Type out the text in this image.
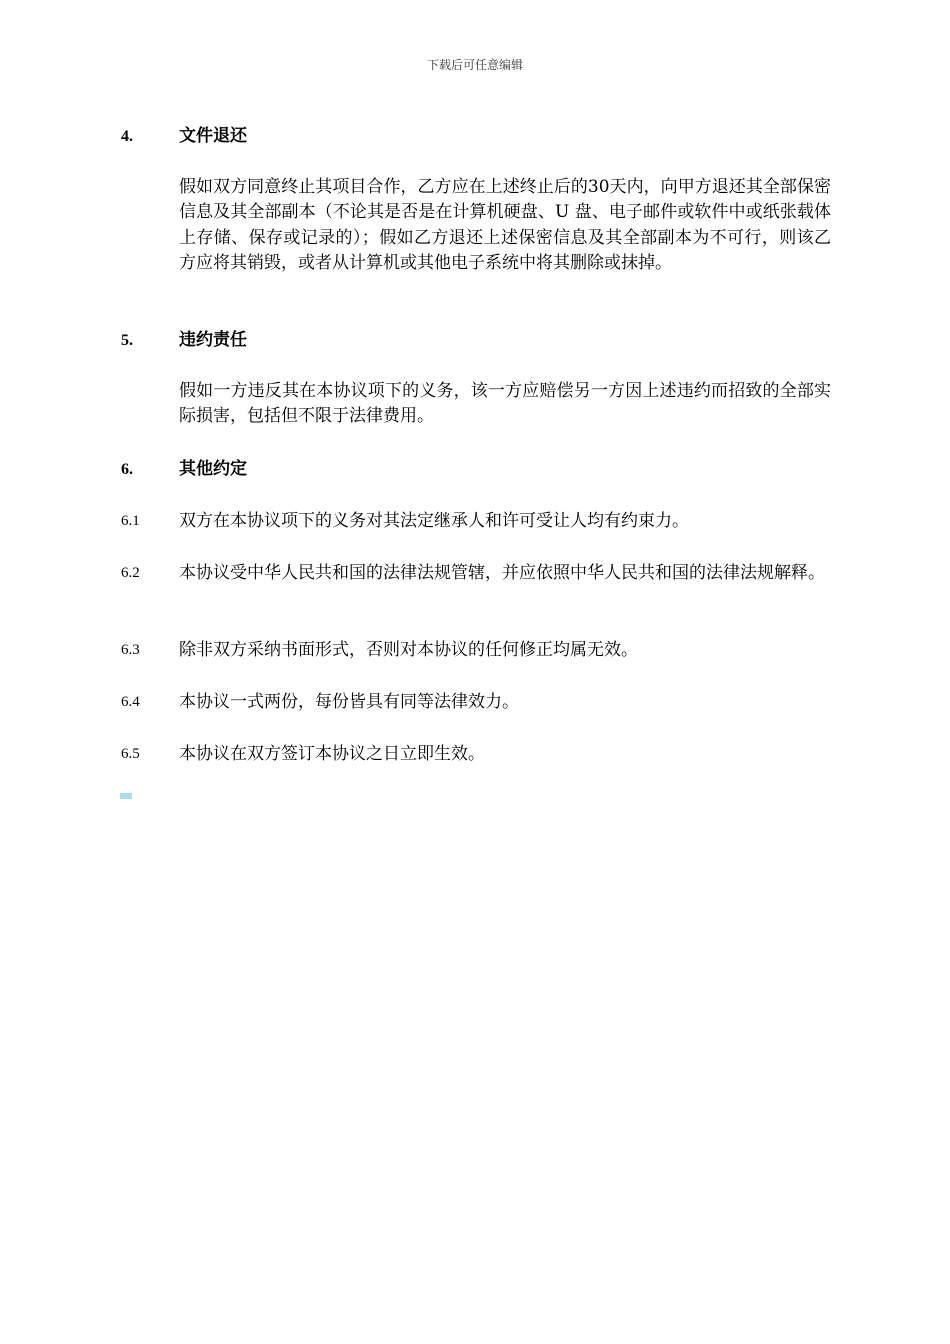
下载后可任意编辑
4.	文件退还
假如双方同意终止其项目合作，乙方应在上述终止后的30天内，向甲方退还其全部保密信息及其全部副本（不论其是否是在计算机硬盘、U 盘、电子邮件或软件中或纸张载体上存储、保存或记录的）；假如乙方退还上述保密信息及其全部副本为不可行，则该乙方应将其销毁，或者从计算机或其他电子系统中将其删除或抹掉。
5.	违约责任
假如一方违反其在本协议项下的义务，该一方应赔偿另一方因上述违约而招致的全部实际损害，包括但不限于法律费用。
6.	其他约定
6.1 双方在本协议项下的义务对其法定继承人和许可受让人均有约束力。
6.2 本协议受中华人民共和国的法律法规管辖，并应依照中华人民共和国的法律法规解释。
6.3 除非双方采纳书面形式，否则对本协议的任何修正均属无效。
6.4 本协议一式两份，每份皆具有同等法律效力。
6.5 本协议在双方签订本协议之日立即生效。
